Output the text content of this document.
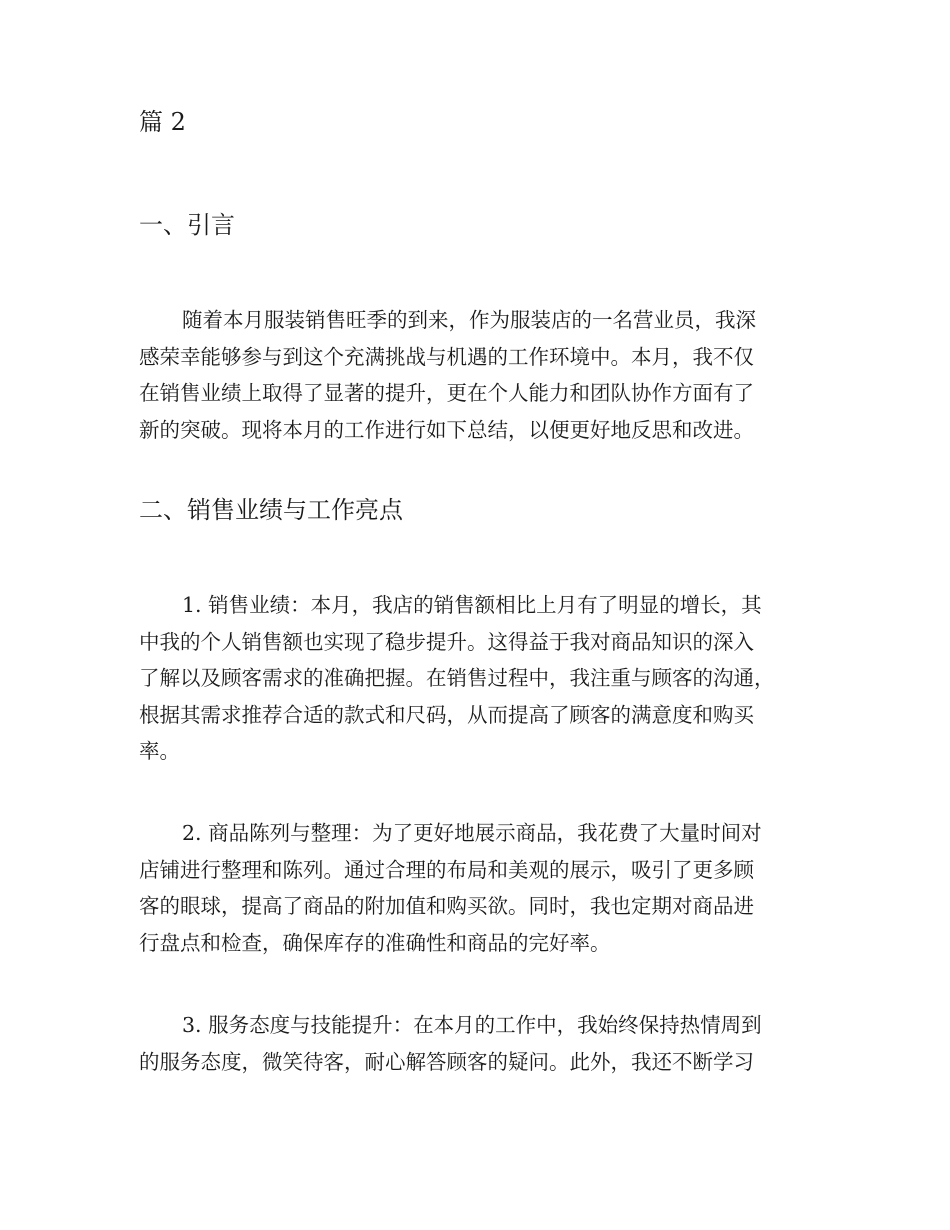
篇 2
一、引言

随着本月服装销售旺季的到来，作为服装店的一名营业员，我深
感荣幸能够参与到这个充满挑战与机遇的工作环境中。本月，我不仅
在销售业绩上取得了显著的提升，更在个人能力和团队协作方面有了
新的突破。现将本月的工作进行如下总结，以便更好地反思和改进。

二、销售业绩与工作亮点

1. 销售业绩：本月，我店的销售额相比上月有了明显的增长，其
中我的个人销售额也实现了稳步提升。这得益于我对商品知识的深入
了解以及顾客需求的准确把握。在销售过程中，我注重与顾客的沟通，
根据其需求推荐合适的款式和尺码，从而提高了顾客的满意度和购买
率。

2. 商品陈列与整理：为了更好地展示商品，我花费了大量时间对
店铺进行整理和陈列。通过合理的布局和美观的展示，吸引了更多顾
客的眼球，提高了商品的附加值和购买欲。同时，我也定期对商品进
行盘点和检查，确保库存的准确性和商品的完好率。

3. 服务态度与技能提升：在本月的工作中，我始终保持热情周到
的服务态度，微笑待客，耐心解答顾客的疑问。此外，我还不断学习
